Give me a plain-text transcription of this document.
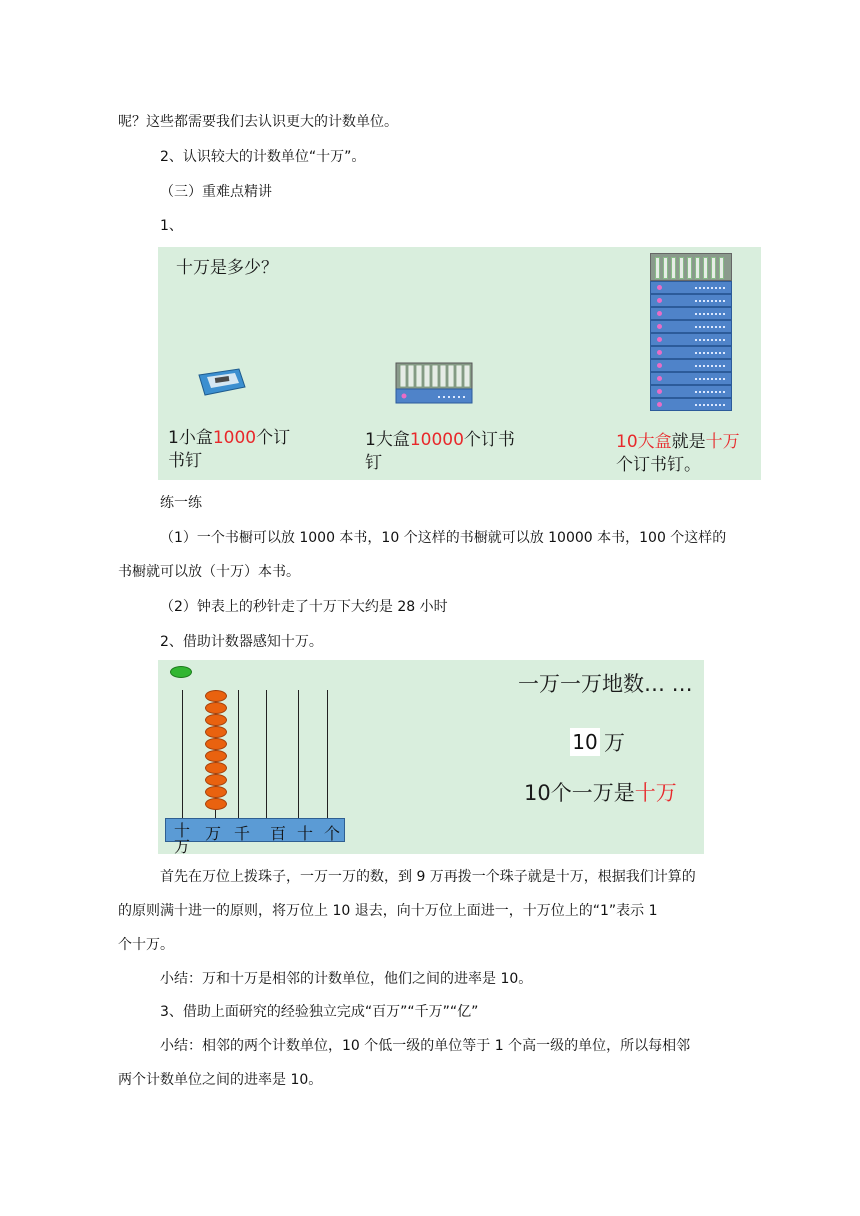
呢？这些都需要我们去认识更大的计数单位。
2、认识较大的计数单位“十万”。
（三）重难点精讲
1、
十万是多少？
1小盒1000个订
书钉
1大盒10000个订书
钉
10大盒就是十万
个订书钉。
练一练
（1）一个书橱可以放 1000 本书，10 个这样的书橱就可以放 10000 本书，100 个这样的
书橱就可以放（十万）本书。
（2）钟表上的秒针走了十万下大约是 28 小时
2、借助计数器感知十万。
十
万
万 千 百 十 个
一万一万地数… …
10 万
10个一万是十万
首先在万位上拨珠子，一万一万的数，到 9 万再拨一个珠子就是十万，根据我们计算的
的原则满十进一的原则，将万位上 10 退去，向十万位上面进一，十万位上的“1”表示 1
个十万。
小结：万和十万是相邻的计数单位，他们之间的进率是 10。
3、借助上面研究的经验独立完成“百万”“千万”“亿”
小结：相邻的两个计数单位，10 个低一级的单位等于 1 个高一级的单位，所以每相邻
两个计数单位之间的进率是 10。
